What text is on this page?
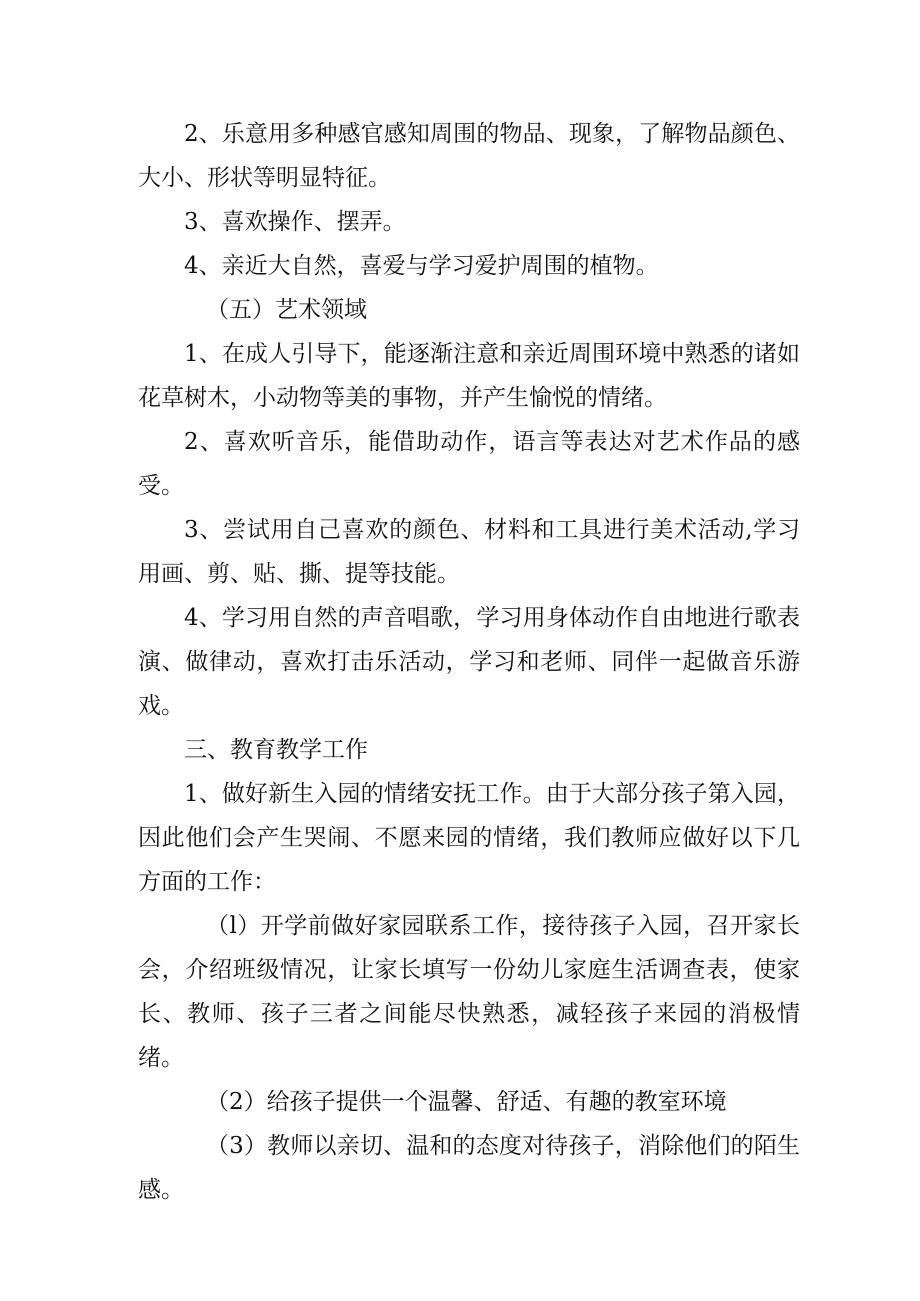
2、乐意用多种感官感知周围的物品、现象，了解物品颜色、大小、形状等明显特征。

3、喜欢操作、摆弄。

4、亲近大自然，喜爱与学习爱护周围的植物。

（五）艺术领域

1、在成人引导下，能逐渐注意和亲近周围环境中熟悉的诸如花草树木，小动物等美的事物，并产生愉悦的情绪。

2、喜欢听音乐，能借助动作，语言等表达对艺术作品的感受。

3、尝试用自己喜欢的颜色、材料和工具进行美术活动,学习用画、剪、贴、撕、提等技能。

4、学习用自然的声音唱歌，学习用身体动作自由地进行歌表演、做律动，喜欢打击乐活动，学习和老师、同伴一起做音乐游戏。

三、教育教学工作

1、做好新生入园的情绪安抚工作。由于大部分孩子第入园，因此他们会产生哭闹、不愿来园的情绪，我们教师应做好以下几方面的工作：

（l）开学前做好家园联系工作，接待孩子入园，召开家长会，介绍班级情况，让家长填写一份幼儿家庭生活调查表，使家长、教师、孩子三者之间能尽快熟悉，减轻孩子来园的消极情绪。

（2）给孩子提供一个温馨、舒适、有趣的教室环境

（3）教师以亲切、温和的态度对待孩子，消除他们的陌生感。
